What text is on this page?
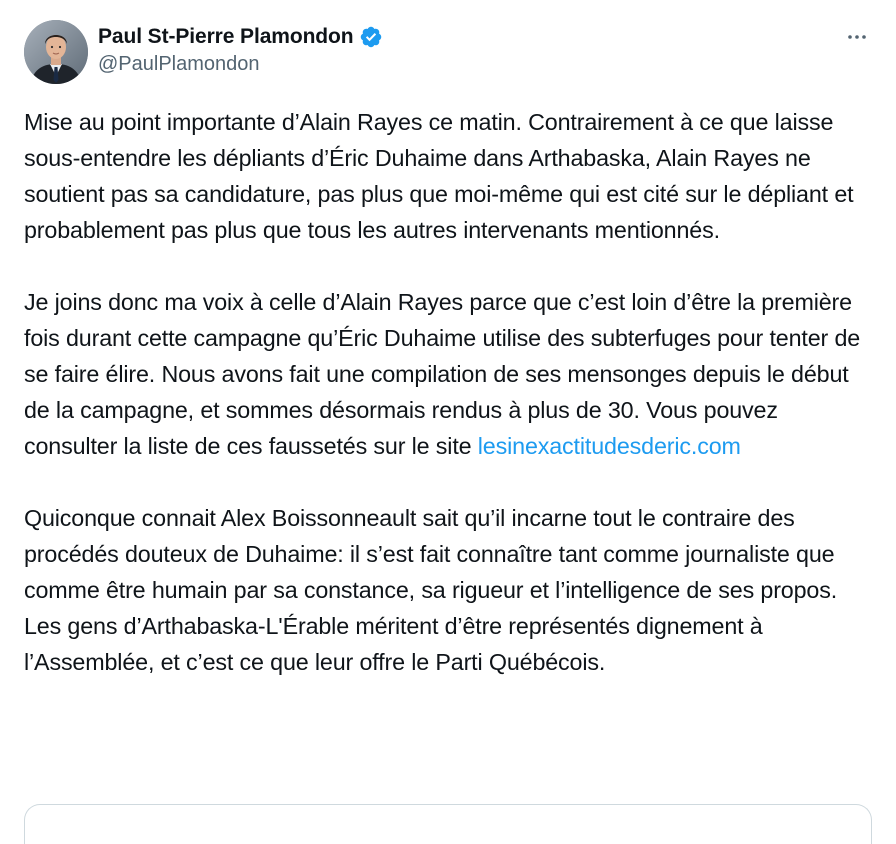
Paul St-Pierre Plamondon
@PaulPlamondon

Mise au point importante d’Alain Rayes ce matin. Contrairement à ce que laisse sous-entendre les dépliants d’Éric Duhaime dans Arthabaska, Alain Rayes ne soutient pas sa candidature, pas plus que moi-même qui est cité sur le dépliant et probablement pas plus que tous les autres intervenants mentionnés.

Je joins donc ma voix à celle d’Alain Rayes parce que c’est loin d’être la première fois durant cette campagne qu’Éric Duhaime utilise des subterfuges pour tenter de se faire élire. Nous avons fait une compilation de ses mensonges depuis le début de la campagne, et sommes désormais rendus à plus de 30. Vous pouvez consulter la liste de ces faussetés sur le site lesinexactitudesderic.com

Quiconque connait Alex Boissonneault sait qu’il incarne tout le contraire des procédés douteux de Duhaime: il s’est fait connaître tant comme journaliste que comme être humain par sa constance, sa rigueur et l’intelligence de ses propos. Les gens d’Arthabaska-L'Érable méritent d’être représentés dignement à l’Assemblée, et c’est ce que leur offre le Parti Québécois.
